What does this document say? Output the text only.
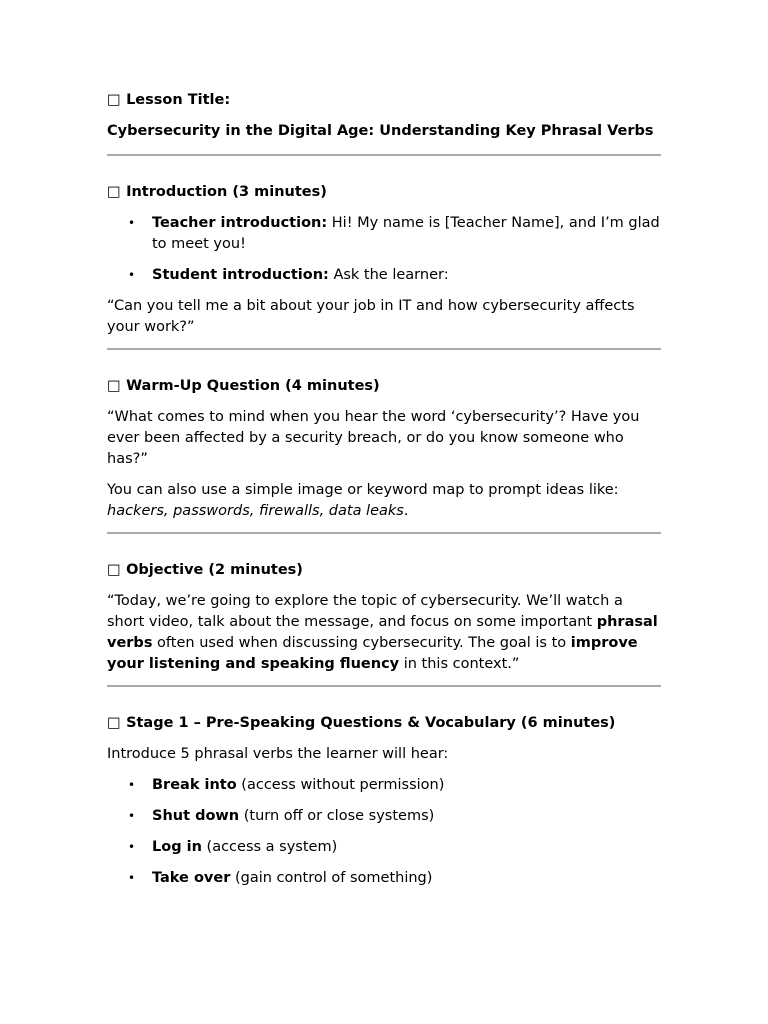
□ Lesson Title:

Cybersecurity in the Digital Age: Understanding Key Phrasal Verbs

□ Introduction (3 minutes)

• Teacher introduction: Hi! My name is [Teacher Name], and I’m glad to meet you!
• Student introduction: Ask the learner:

“Can you tell me a bit about your job in IT and how cybersecurity affects your work?”

□ Warm-Up Question (4 minutes)

“What comes to mind when you hear the word ‘cybersecurity’? Have you ever been affected by a security breach, or do you know someone who has?”

You can also use a simple image or keyword map to prompt ideas like: hackers, passwords, firewalls, data leaks.

□ Objective (2 minutes)

“Today, we’re going to explore the topic of cybersecurity. We’ll watch a short video, talk about the message, and focus on some important phrasal verbs often used when discussing cybersecurity. The goal is to improve your listening and speaking fluency in this context.”

□ Stage 1 – Pre-Speaking Questions & Vocabulary (6 minutes)

Introduce 5 phrasal verbs the learner will hear:

• Break into (access without permission)
• Shut down (turn off or close systems)
• Log in (access a system)
• Take over (gain control of something)
